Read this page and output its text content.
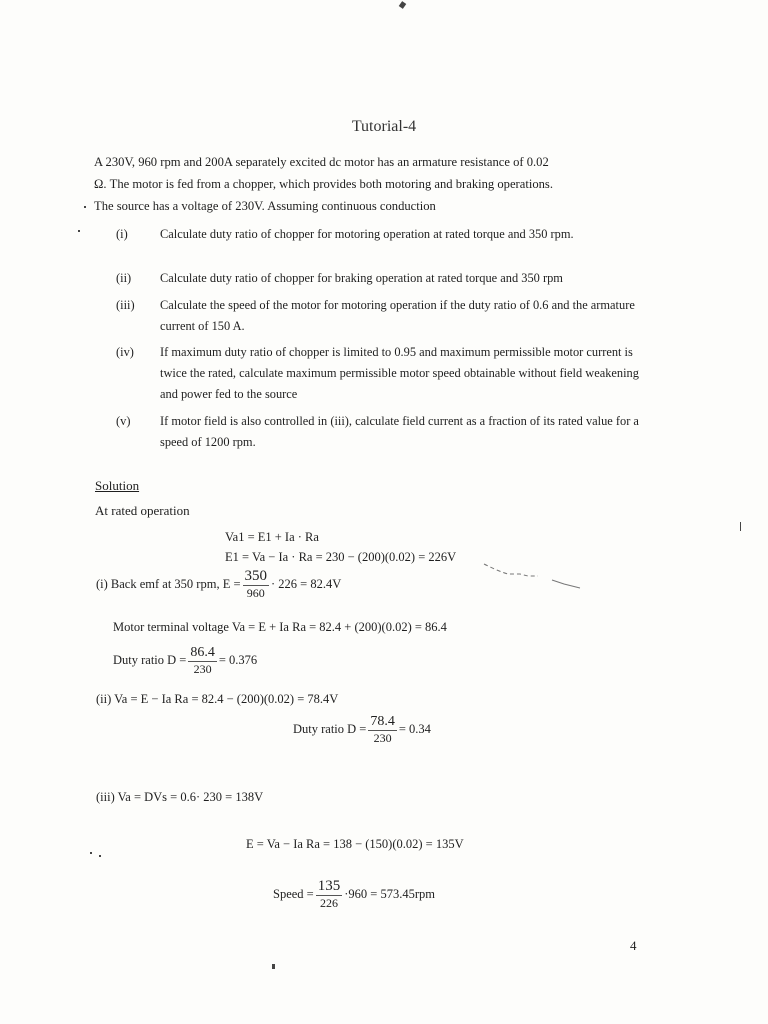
Tutorial-4
A 230V, 960 rpm and 200A separately excited dc motor has an armature resistance of 0.02
Ω. The motor is fed from a chopper, which provides both motoring and braking operations.
The source has a voltage of 230V. Assuming continuous conduction
(i)	Calculate duty ratio of chopper for motoring operation at rated torque and 350 rpm.
(ii) Calculate duty ratio of chopper for braking operation at rated torque and 350 rpm
(iii) Calculate the speed of the motor for motoring operation if the duty ratio of 0.6 and the armature current of 150 A.
(iv) If maximum duty ratio of chopper is limited to 0.95 and maximum permissible motor current is twice the rated, calculate maximum permissible motor speed obtainable without field weakening and power fed to the source
(v) If motor field is also controlled in (iii), calculate field current as a fraction of its rated value for a speed of 1200 rpm.
Solution
At rated operation
Va1 = E1 + Ia · Ra
E1 = Va − Ia · Ra = 230 − (200)(0.02) = 226V
(i) Back emf at 350 rpm, $E = \frac{350}{960} \cdot 226 = 82.4V$
Motor terminal voltage Va = E + Ia Ra = 82.4 + (200)(0.02) = 86.4
Duty ratio $D = \frac{86.4}{230} = 0.376$
(ii) Va = E − Ia Ra = 82.4 − (200)(0.02) = 78.4V
Duty ratio $D = \frac{78.4}{230} = 0.34$
(iii) Va = DVs = 0.6· 230 = 138V
E = Va − Ia Ra = 138 − (150)(0.02) = 135V
Speed = $\frac{135}{226} \cdot 960 = 573.45rpm$
4
